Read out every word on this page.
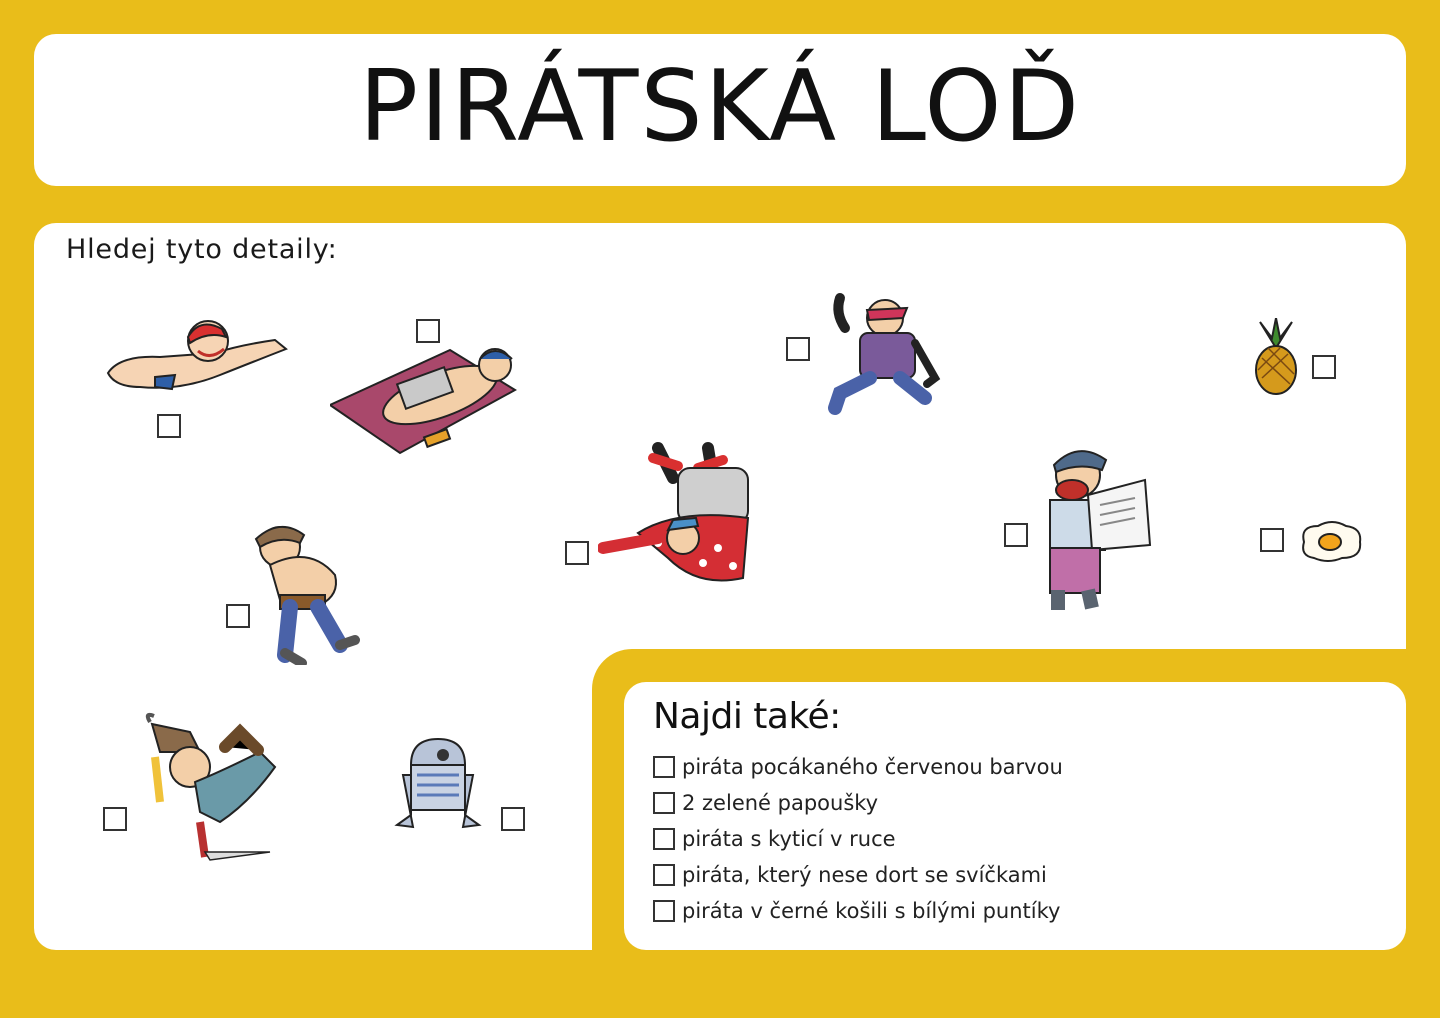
PIRÁTSKÁ LOĎ

Hledej tyto detaily:

Najdi také:

piráta pocákaného červenou barvou
2 zelené papoušky
piráta s kyticí v ruce
piráta, který nese dort se svíčkami
piráta v černé košili s bílými puntíky
